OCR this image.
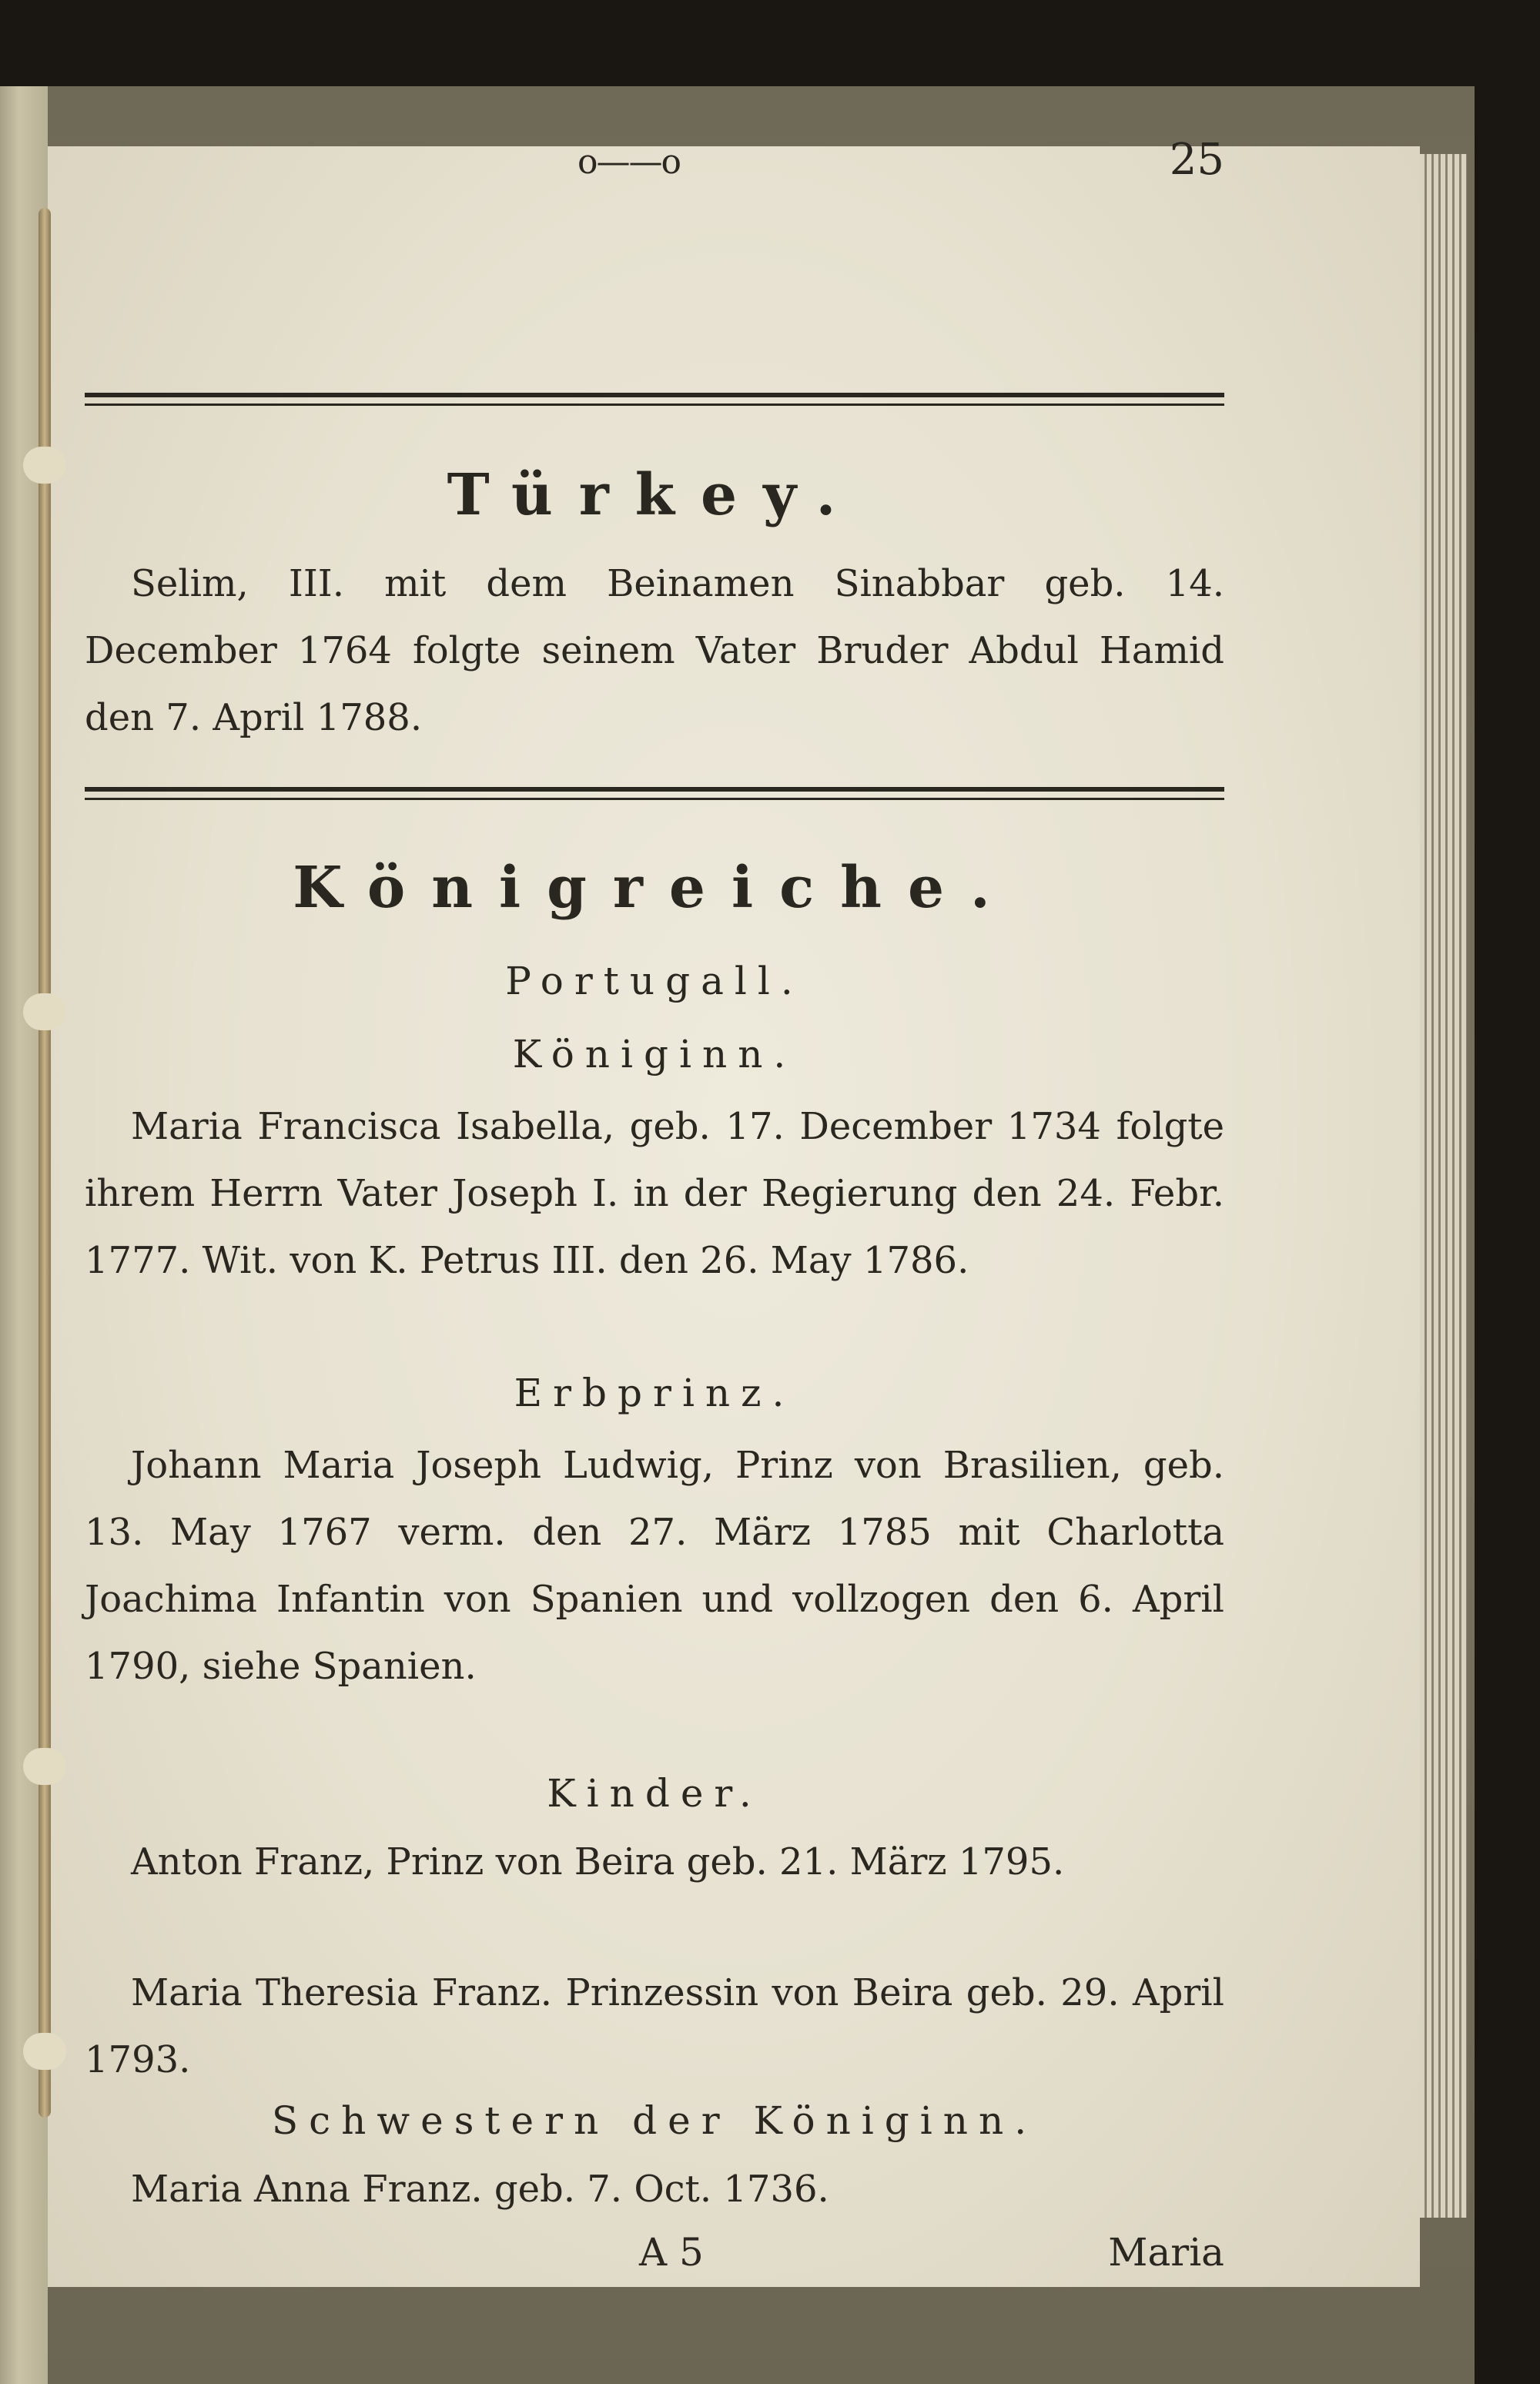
o——o	25
Türkey.
Selim, III. mit dem Beinamen Sinabbar geb. 14. December 1764 folgte seinem Vater Bruder Abdul Hamid den 7. April 1788.
Königreiche.
Portugall.
Königinn.
Maria Francisca Isabella, geb. 17. December 1734 folgte ihrem Herrn Vater Joseph I. in der Regierung den 24. Febr. 1777. Wit. von K. Petrus III. den 26. May 1786.
Erbprinz.
Johann Maria Joseph Ludwig, Prinz von Brasilien, geb. 13. May 1767 verm. den 27. März 1785 mit Charlotta Joachima Infantin von Spanien und vollzogen den 6. April 1790, siehe Spanien.
Kinder.
Anton Franz, Prinz von Beira geb. 21. März 1795.
Maria Theresia Franz. Prinzessin von Beira geb. 29. April 1793.
Schwestern der Königinn.
Maria Anna Franz. geb. 7. Oct. 1736.
A 5	Maria
